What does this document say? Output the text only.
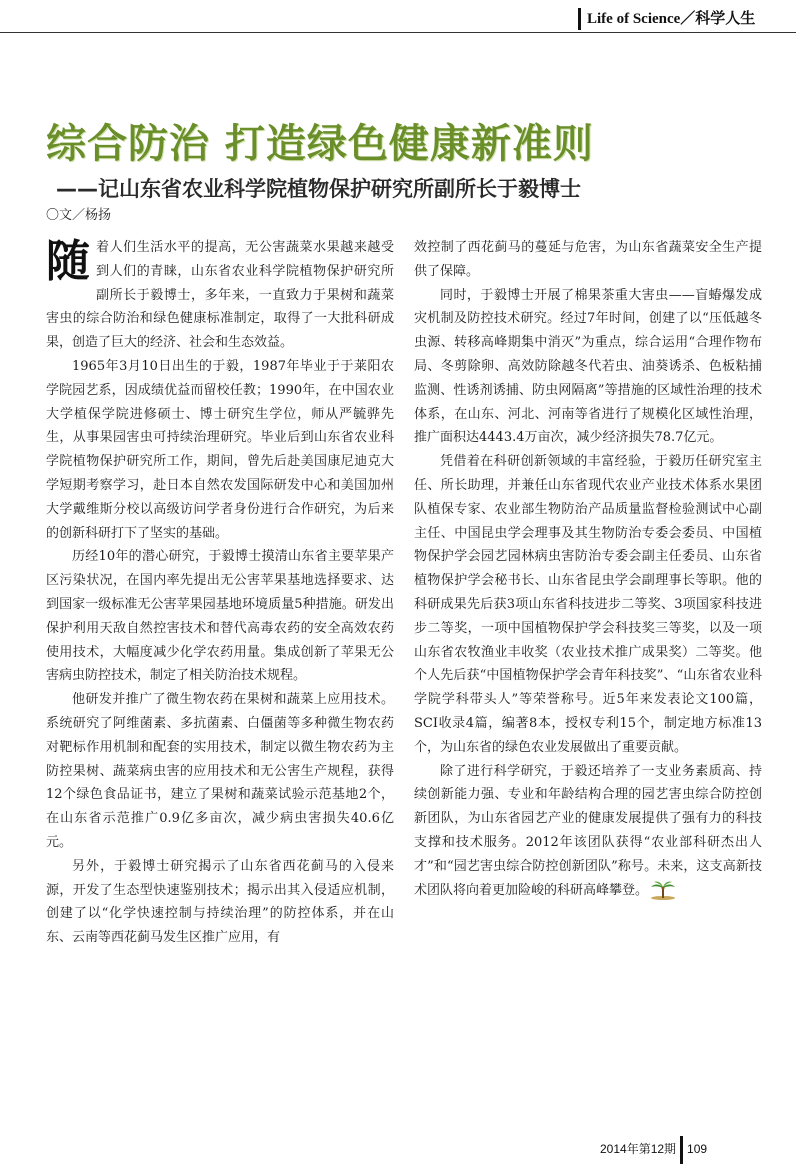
Life of Science／科学人生
综合防治 打造绿色健康新准则
——记山东省农业科学院植物保护研究所副所长于毅博士
〇文／杨扬

随着人们生活水平的提高，无公害蔬菜水果越来越受到人们的青睐，山东省农业科学院植物保护研究所副所长于毅博士，多年来，一直致力于果树和蔬菜害虫的综合防治和绿色健康标准制定，取得了一大批科研成果，创造了巨大的经济、社会和生态效益。

1965年3月10日出生的于毅，1987年毕业于于莱阳农学院园艺系，因成绩优益而留校任教；1990年，在中国农业大学植保学院进修硕士、博士研究生学位，师从严毓骅先生，从事果园害虫可持续治理研究。毕业后到山东省农业科学院植物保护研究所工作，期间，曾先后赴美国康尼迪克大学短期考察学习，赴日本自然农发国际研发中心和美国加州大学戴维斯分校以高级访问学者身份进行合作研究，为后来的创新科研打下了坚实的基础。

历经10年的潜心研究，于毅博士摸清山东省主要苹果产区污染状况，在国内率先提出无公害苹果基地选择要求、达到国家一级标准无公害苹果园基地环境质量5种措施。研发出保护利用天敌自然控害技术和替代高毒农药的安全高效农药使用技术，大幅度减少化学农药用量。集成创新了苹果无公害病虫防控技术，制定了相关防治技术规程。

他研发并推广了微生物农药在果树和蔬菜上应用技术。系统研究了阿维菌素、多抗菌素、白僵菌等多种微生物农药对靶标作用机制和配套的实用技术，制定以微生物农药为主防控果树、蔬菜病虫害的应用技术和无公害生产规程，获得12个绿色食品证书，建立了果树和蔬菜试验示范基地2个，在山东省示范推广0.9亿多亩次，减少病虫害损失40.6亿元。

另外，于毅博士研究揭示了山东省西花蓟马的入侵来源，开发了生态型快速鉴别技术；揭示出其入侵适应机制，创建了以“化学快速控制与持续治理”的防控体系，并在山东、云南等西花蓟马发生区推广应用，有

效控制了西花蓟马的蔓延与危害，为山东省蔬菜安全生产提供了保障。

同时，于毅博士开展了棉果茶重大害虫——盲蝽爆发成灾机制及防控技术研究。经过7年时间，创建了以“压低越冬虫源、转移高峰期集中消灭”为重点，综合运用“合理作物布局、冬剪除卵、高效防除越冬代若虫、油葵诱杀、色板粘捕监测、性诱剂诱捕、防虫网隔离”等措施的区域性治理的技术体系，在山东、河北、河南等省进行了规模化区域性治理，推广面积达4443.4万亩次，减少经济损失78.7亿元。

凭借着在科研创新领域的丰富经验，于毅历任研究室主任、所长助理，并兼任山东省现代农业产业技术体系水果团队植保专家、农业部生物防治产品质量监督检验测试中心副主任、中国昆虫学会理事及其生物防治专委会委员、中国植物保护学会园艺园林病虫害防治专委会副主任委员、山东省植物保护学会秘书长、山东省昆虫学会副理事长等职。他的科研成果先后获3项山东省科技进步二等奖、3项国家科技进步二等奖，一项中国植物保护学会科技奖三等奖，以及一项山东省农牧渔业丰收奖（农业技术推广成果奖）二等奖。他个人先后获“中国植物保护学会青年科技奖”、“山东省农业科学院学科带头人”等荣誉称号。近5年来发表论文100篇，SCI收录4篇，编著8本，授权专利15个，制定地方标准13个，为山东省的绿色农业发展做出了重要贡献。

除了进行科学研究，于毅还培养了一支业务素质高、持续创新能力强、专业和年龄结构合理的园艺害虫综合防控创新团队，为山东省园艺产业的健康发展提供了强有力的科技支撑和技术服务。2012年该团队获得“农业部科研杰出人才”和“园艺害虫综合防控创新团队”称号。未来，这支高新技术团队将向着更加险峻的科研高峰攀登。

2014年第12期 109
